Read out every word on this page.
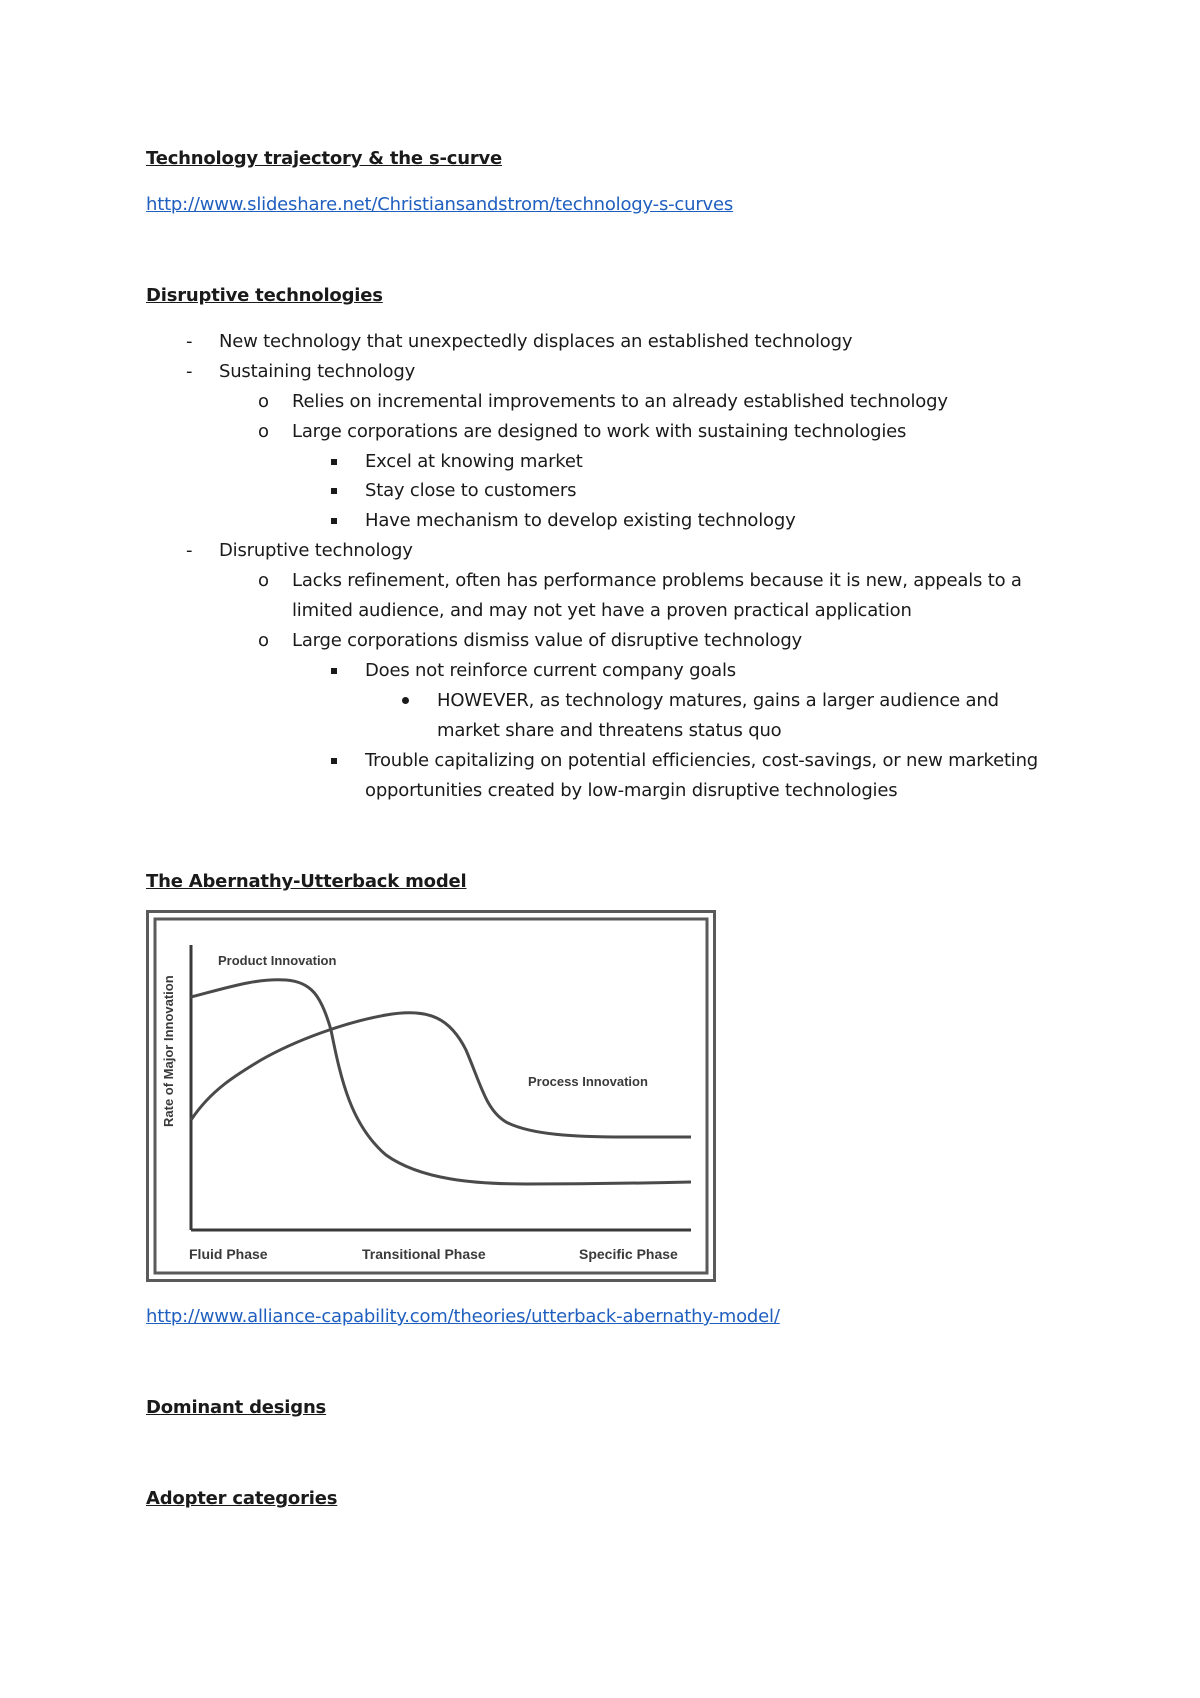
Technology trajectory & the s-curve
http://www.slideshare.net/Christiansandstrom/technology-s-curves
Disruptive technologies
- New technology that unexpectedly displaces an established technology
- Sustaining technology
o Relies on incremental improvements to an already established technology
o Large corporations are designed to work with sustaining technologies
Excel at knowing market
Stay close to customers
Have mechanism to develop existing technology
- Disruptive technology
o Lacks refinement, often has performance problems because it is new, appeals to a
limited audience, and may not yet have a proven practical application
o Large corporations dismiss value of disruptive technology
Does not reinforce current company goals
HOWEVER, as technology matures, gains a larger audience and
market share and threatens status quo
Trouble capitalizing on potential efficiencies, cost-savings, or new marketing
opportunities created by low-margin disruptive technologies
The Abernathy-Utterback model
Rate of Major Innovation
Product Innovation
Process Innovation
Fluid Phase	Transitional Phase	Specific Phase
http://www.alliance-capability.com/theories/utterback-abernathy-model/
Dominant designs
Adopter categories
